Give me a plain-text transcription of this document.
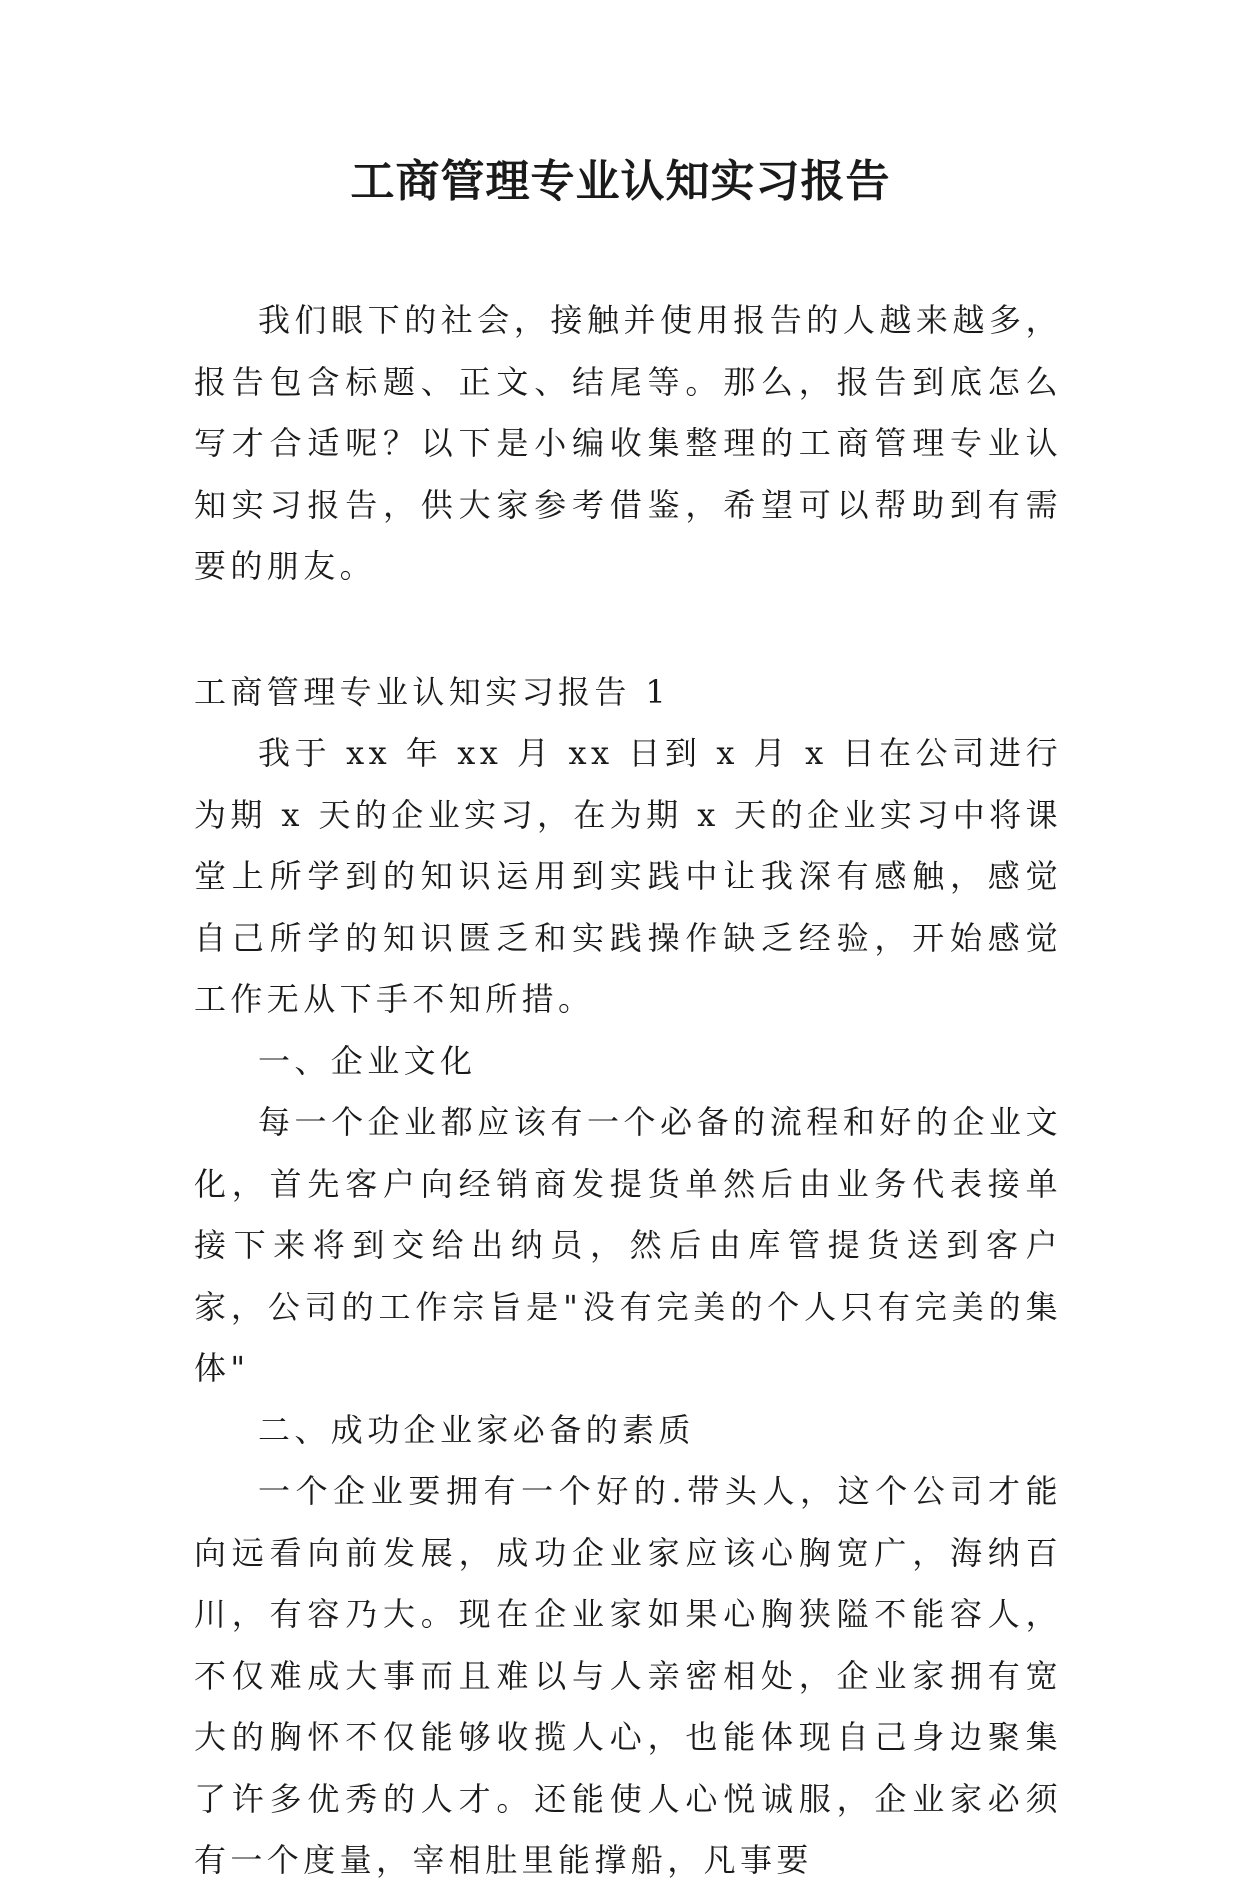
工商管理专业认知实习报告

我们眼下的社会，接触并使用报告的人越来越多，报告包含标题、正文、结尾等。那么，报告到底怎么写才合适呢？以下是小编收集整理的工商管理专业认知实习报告，供大家参考借鉴，希望可以帮助到有需要的朋友。

工商管理专业认知实习报告 1

我于 xx 年 xx 月 xx 日到 x 月 x 日在公司进行为期 x 天的企业实习，在为期 x 天的企业实习中将课堂上所学到的知识运用到实践中让我深有感触，感觉自己所学的知识匮乏和实践操作缺乏经验，开始感觉工作无从下手不知所措。

一、企业文化

每一个企业都应该有一个必备的流程和好的企业文化，首先客户向经销商发提货单然后由业务代表接单接下来将到交给出纳员，然后由库管提货送到客户家，公司的工作宗旨是"没有完美的个人只有完美的集体"

二、成功企业家必备的素质

一个企业要拥有一个好的.带头人，这个公司才能向远看向前发展，成功企业家应该心胸宽广，海纳百川，有容乃大。现在企业家如果心胸狭隘不能容人，不仅难成大事而且难以与人亲密相处，企业家拥有宽大的胸怀不仅能够收揽人心，也能体现自己身边聚集了许多优秀的人才。还能使人心悦诚服，企业家必须有一个度量，宰相肚里能撑船，凡事要
